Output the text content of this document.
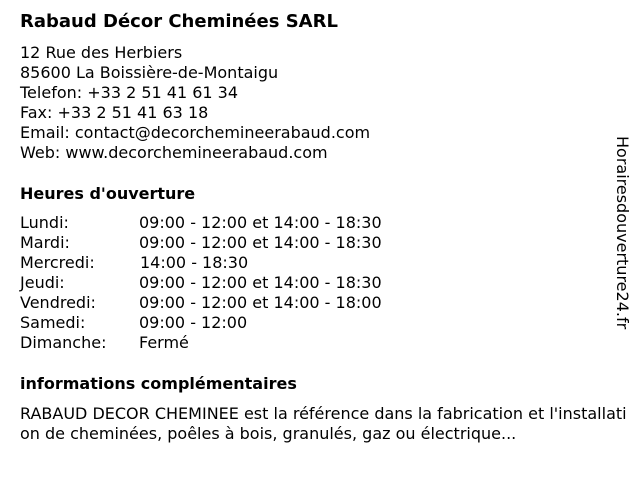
Rabaud Décor Cheminées SARL
12 Rue des Herbiers
85600 La Boissière-de-Montaigu
Telefon: +33 2 51 41 61 34
Fax: +33 2 51 41 63 18
Email: contact@decorchemineerabaud.com
Web: www.decorchemineerabaud.com
Heures d'ouverture
Lundi:	09:00 - 12:00 et 14:00 - 18:30
Mardi:	09:00 - 12:00 et 14:00 - 18:30
Mercredi:	14:00 - 18:30
Jeudi:	09:00 - 12:00 et 14:00 - 18:30
Vendredi:	09:00 - 12:00 et 14:00 - 18:00
Samedi:	09:00 - 12:00
Dimanche: Fermé
informations complémentaires
RABAUD DECOR CHEMINEE est la référence dans la fabrication et l'installation de cheminées, poêles à bois, granulés, gaz ou électrique...
Horairesdouverture24.fr
